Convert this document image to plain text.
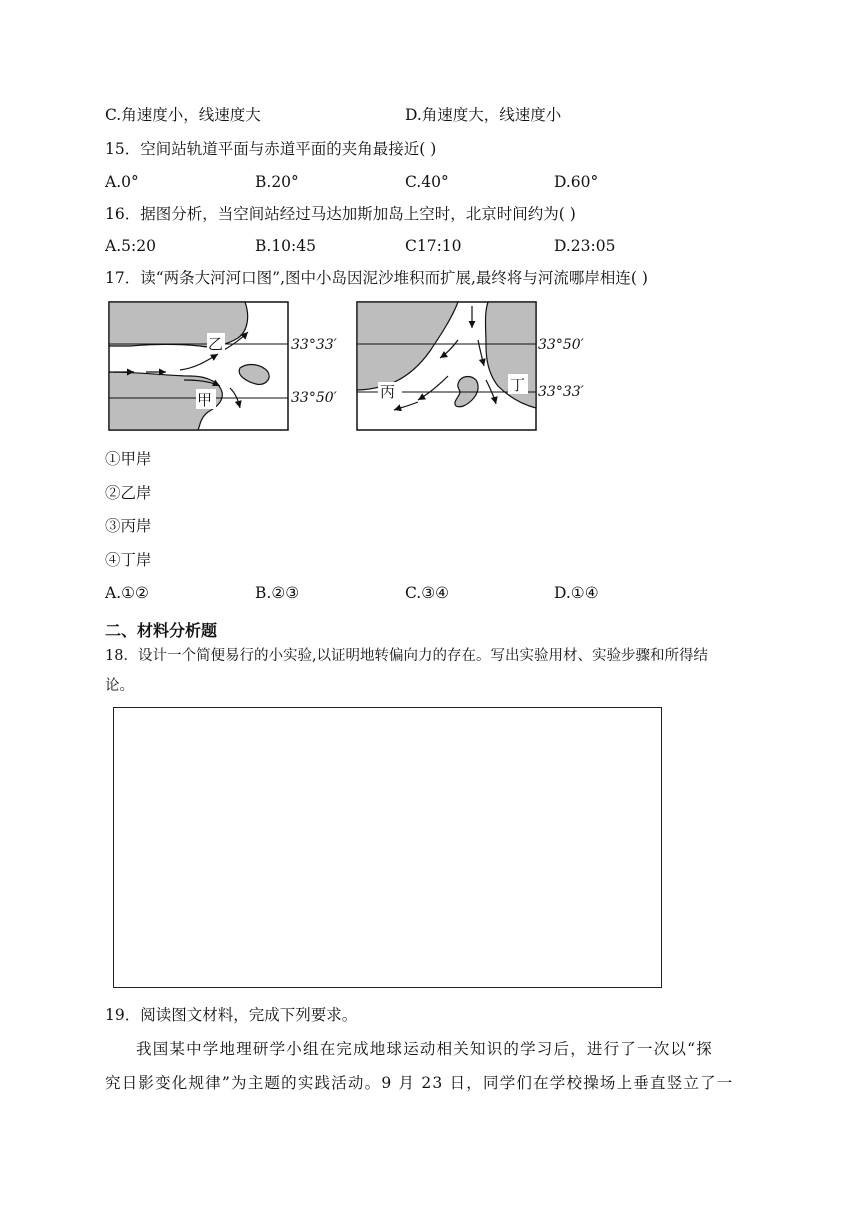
C.角速度小，线速度大	D.角速度大，线速度小
15．空间站轨道平面与赤道平面的夹角最接近( )
A.0°	B.20°	C.40°	D.60°
16．据图分析，当空间站经过马达加斯加岛上空时，北京时间约为( )
A.5:20	B.10:45	C17:10	D.23:05
17．读“两条大河河口图”,图中小岛因泥沙堆积而扩展,最终将与河流哪岸相连( )
乙
甲
33°33′
33°50′	丙	丁
33°50′
33°33′
①甲岸
②乙岸
③丙岸
④丁岸
A.①②	B.②③	C.③④	D.①④
二、材料分析题
18．设计一个简便易行的小实验,以证明地转偏向力的存在。写出实验用材、实验步骤和所得结
论。
19．阅读图文材料，完成下列要求。
我国某中学地理研学小组在完成地球运动相关知识的学习后，进行了一次以“探
究日影变化规律”为主题的实践活动。9 月 23 日，同学们在学校操场上垂直竖立了一
